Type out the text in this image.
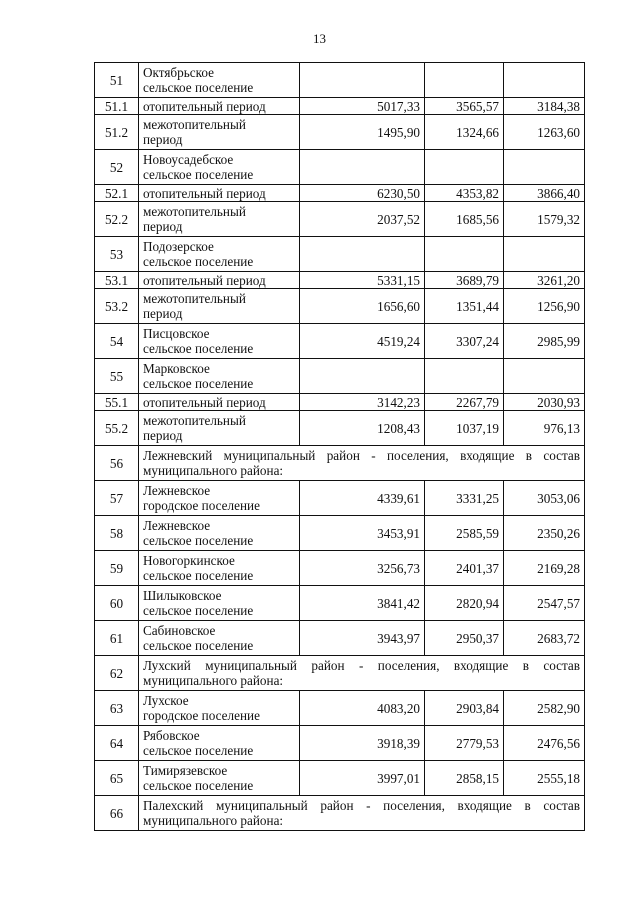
13
51	Октябрьское
сельское поселение			

51.1	отопительный период	5017,33	3565,57	3184,38
51.2	межотопительный
период	1495,90	1324,66	1263,60
52	Новоусадебское
сельское поселение			

52.1	отопительный период	6230,50	4353,82	3866,40
52.2	межотопительный
период	2037,52	1685,56	1579,32
53	Подозерское
сельское поселение			

53.1	отопительный период	5331,15	3689,79	3261,20
53.2	межотопительный
период	1656,60	1351,44	1256,90
54	Писцовское
сельское поселение	4519,24	3307,24	2985,99
55	Марковское
сельское поселение			

55.1	отопительный период	3142,23	2267,79	2030,93
55.2	межотопительный
период	1208,43	1037,19	976,13
56	Лежневский муниципальный район - поселения, входящие в состав муниципального района:			
57	Лежневское
городское поселение	4339,61	3331,25	3053,06
58	Лежневское
сельское поселение	3453,91	2585,59	2350,26
59	Новогоркинское
сельское поселение	3256,73	2401,37	2169,28
60	Шилыковское
сельское поселение	3841,42	2820,94	2547,57
61	Сабиновское
сельское поселение	3943,97	2950,37	2683,72
62	Лухский муниципальный район - поселения, входящие в состав муниципального района:			
63	Лухское
городское поселение	4083,20	2903,84	2582,90
64	Рябовское
сельское поселение	3918,39	2779,53	2476,56
65	Тимирязевское
сельское поселение	3997,01	2858,15	2555,18
66	Палехский муниципальный район - поселения, входящие в состав муниципального района:			
